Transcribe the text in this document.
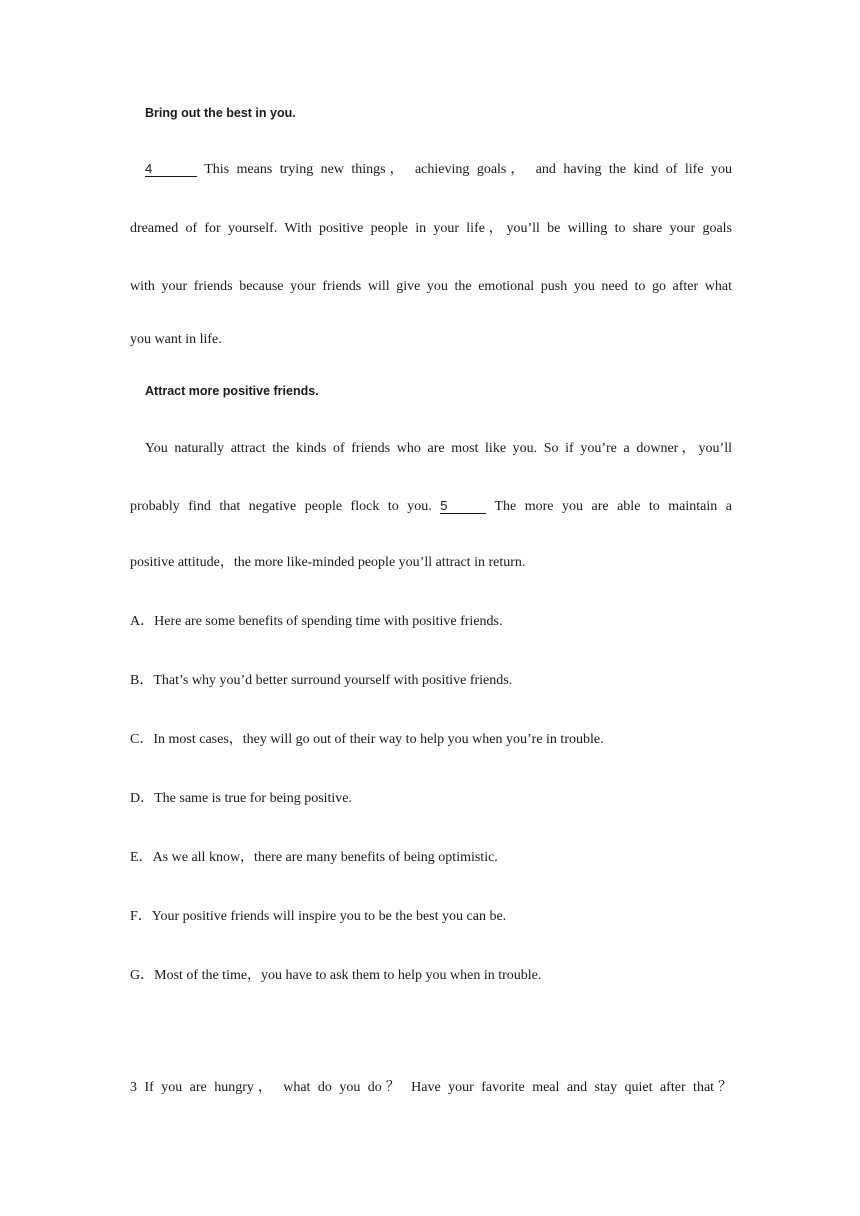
Bring out the best in you.
4	This means trying new things， achieving goals， and having the kind of life you
dreamed of for yourself. With positive people in your life，you’ll be willing to share your goals
with your friends because your friends will give you the emotional push you need to go after what
you want in life.
Attract more positive friends.
You naturally attract the kinds of friends who are most like you. So if you’re a downer，you’ll
probably find that negative people flock to you. 5	The more you are able to maintain a
positive attitude，the more like-minded people you’ll attract in return.
A．Here are some benefits of spending time with positive friends.
B．That’s why you’d better surround yourself with positive friends.
C．In most cases，they will go out of their way to help you when you’re in trouble.
D．The same is true for being positive.
E．As we all know，there are many benefits of being optimistic.
F．Your positive friends will inspire you to be the best you can be.
G．Most of the time，you have to ask them to help you when in trouble.
3 If you are hungry， what do you do？ Have your favorite meal and stay quiet after that？
